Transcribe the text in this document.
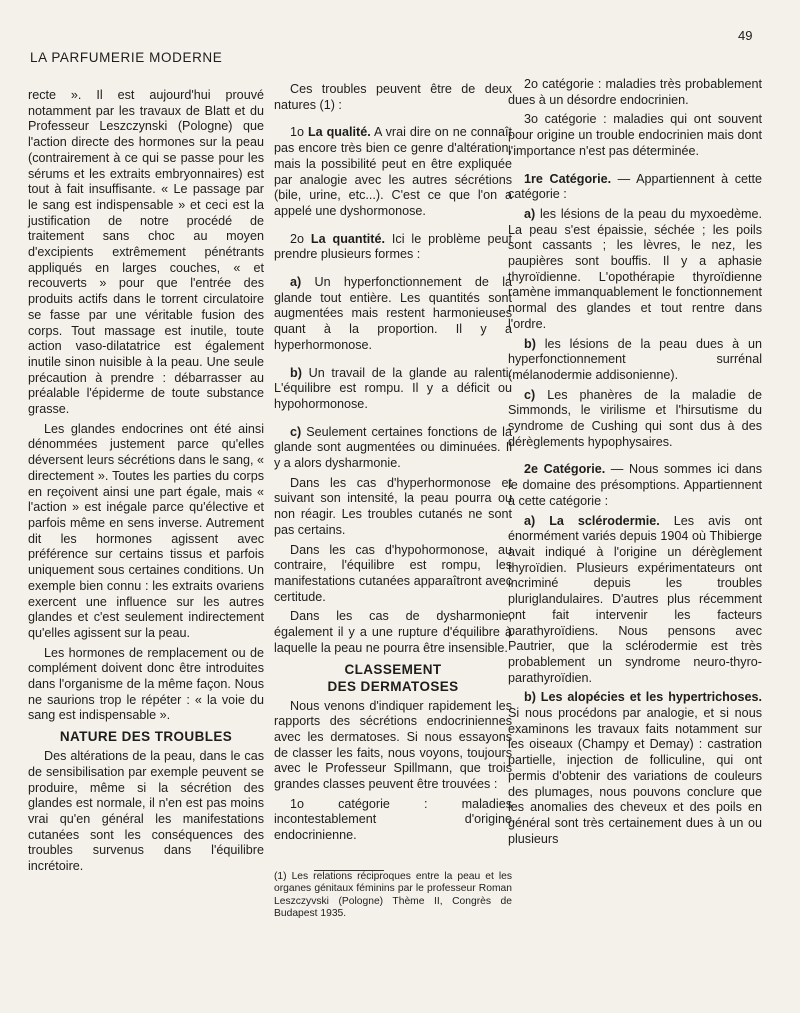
LA PARFUMERIE MODERNE
49

recte ». Il est aujourd'hui prouvé notamment par les travaux de Blatt et du Professeur Leszczynski (Pologne) que l'action directe des hormones sur la peau (contrairement à ce qui se passe pour les sérums et les extraits embryonnaires) est tout à fait insuffisante. « Le passage par le sang est indispensable » et ceci est la justification de notre procédé de traitement sans choc au moyen d'excipients extrêmement pénétrants appliqués en larges couches, « et recouverts » pour que l'entrée des produits actifs dans le torrent circulatoire se fasse par une véritable fusion des corps. Tout massage est inutile, toute action vaso-dilatatrice est également inutile sinon nuisible à la peau. Une seule précaution à prendre : débarrasser au préalable l'épiderme de toute substance grasse.

Les glandes endocrines ont été ainsi dénommées justement parce qu'elles déversent leurs sécrétions dans le sang, « directement ». Toutes les parties du corps en reçoivent ainsi une part égale, mais « l'action » est inégale parce qu'élective et parfois même en sens inverse. Autrement dit les hormones agissent avec préférence sur certains tissus et parfois uniquement sous certaines conditions. Un exemple bien connu : les extraits ovariens exercent une influence sur les autres glandes et c'est seulement indirectement qu'elles agissent sur la peau.

Les hormones de remplacement ou de complément doivent donc être introduites dans l'organisme de la même façon. Nous ne saurions trop le répéter : « la voie du sang est indispensable ».

NATURE DES TROUBLES

Des altérations de la peau, dans le cas de sensibilisation par exemple peuvent se produire, même si la sécrétion des glandes est normale, il n'en est pas moins vrai qu'en général les manifestations cutanées sont les conséquences des troubles survenus dans l'équilibre incrétoire.

Ces troubles peuvent être de deux natures (1) :

1o La qualité. A vrai dire on ne connaît pas encore très bien ce genre d'altération, mais la possibilité peut en être expliquée par analogie avec les autres sécrétions (bile, urine, etc...). C'est ce que l'on a appelé une dyshormonose.

2o La quantité. Ici le problème peut prendre plusieurs formes :

a) Un hyperfonctionnement de la glande tout entière. Les quantités sont augmentées mais restent harmonieuses quant à la proportion. Il y a hyperhormonose.

b) Un travail de la glande au ralenti. L'équilibre est rompu. Il y a déficit ou hypohormonose.

c) Seulement certaines fonctions de la glande sont augmentées ou diminuées. Il y a alors dysharmonie.

Dans les cas d'hyperhormonose et suivant son intensité, la peau pourra ou non réagir. Les troubles cutanés ne sont pas certains.

Dans les cas d'hypohormonose, au contraire, l'équilibre est rompu, les manifestations cutanées apparaîtront avec certitude.

Dans les cas de dysharmonie, également il y a une rupture d'équilibre à laquelle la peau ne pourra être insensible.

CLASSEMENT
DES DERMATOSES

Nous venons d'indiquer rapidement les rapports des sécrétions endocriniennes avec les dermatoses. Si nous essayons de classer les faits, nous voyons, toujours avec le Professeur Spillmann, que trois grandes classes peuvent être trouvées :

1o catégorie : maladies incontestablement d'origine endocrinienne.

(1) Les relations réciproques entre la peau et les organes génitaux féminins par le professeur Roman Leszczyvski (Pologne) Thème II, Congrès de Budapest 1935.

2o catégorie : maladies très probablement dues à un désordre endocrinien.

3o catégorie : maladies qui ont souvent pour origine un trouble endocrinien mais dont l'importance n'est pas déterminée.

1re Catégorie. — Appartiennent à cette catégorie :

a) les lésions de la peau du myxoedème. La peau s'est épaissie, séchée ; les poils sont cassants ; les lèvres, le nez, les paupières sont bouffis. Il y a aphasie thyroïdienne. L'opothérapie thyroïdienne ramène immanquablement le fonctionnement normal des glandes et tout rentre dans l'ordre.

b) les lésions de la peau dues à un hyperfonctionnement surrénal (mélanodermie addisonienne).

c) Les phanères de la maladie de Simmonds, le virilisme et l'hirsutisme du syndrome de Cushing qui sont dus à des dérèglements hypophysaires.

2e Catégorie. — Nous sommes ici dans le domaine des présomptions. Appartiennent à cette catégorie :

a) La sclérodermie. Les avis ont énormément variés depuis 1904 où Thibierge avait indiqué à l'origine un dérèglement thyroïdien. Plusieurs expérimentateurs ont incriminé depuis les troubles pluriglandulaires. D'autres plus récemment ont fait intervenir les facteurs parathyroïdiens. Nous pensons avec Pautrier, que la sclérodermie est très probablement un syndrome neuro-thyro-parathyroïdien.

b) Les alopécies et les hypertrichoses. Si nous procédons par analogie, et si nous examinons les travaux faits notamment sur les oiseaux (Champy et Demay) : castration partielle, injection de folliculine, qui ont permis d'obtenir des variations de couleurs des plumages, nous pouvons conclure que les anomalies des cheveux et des poils en général sont très certainement dues à un ou plusieurs
